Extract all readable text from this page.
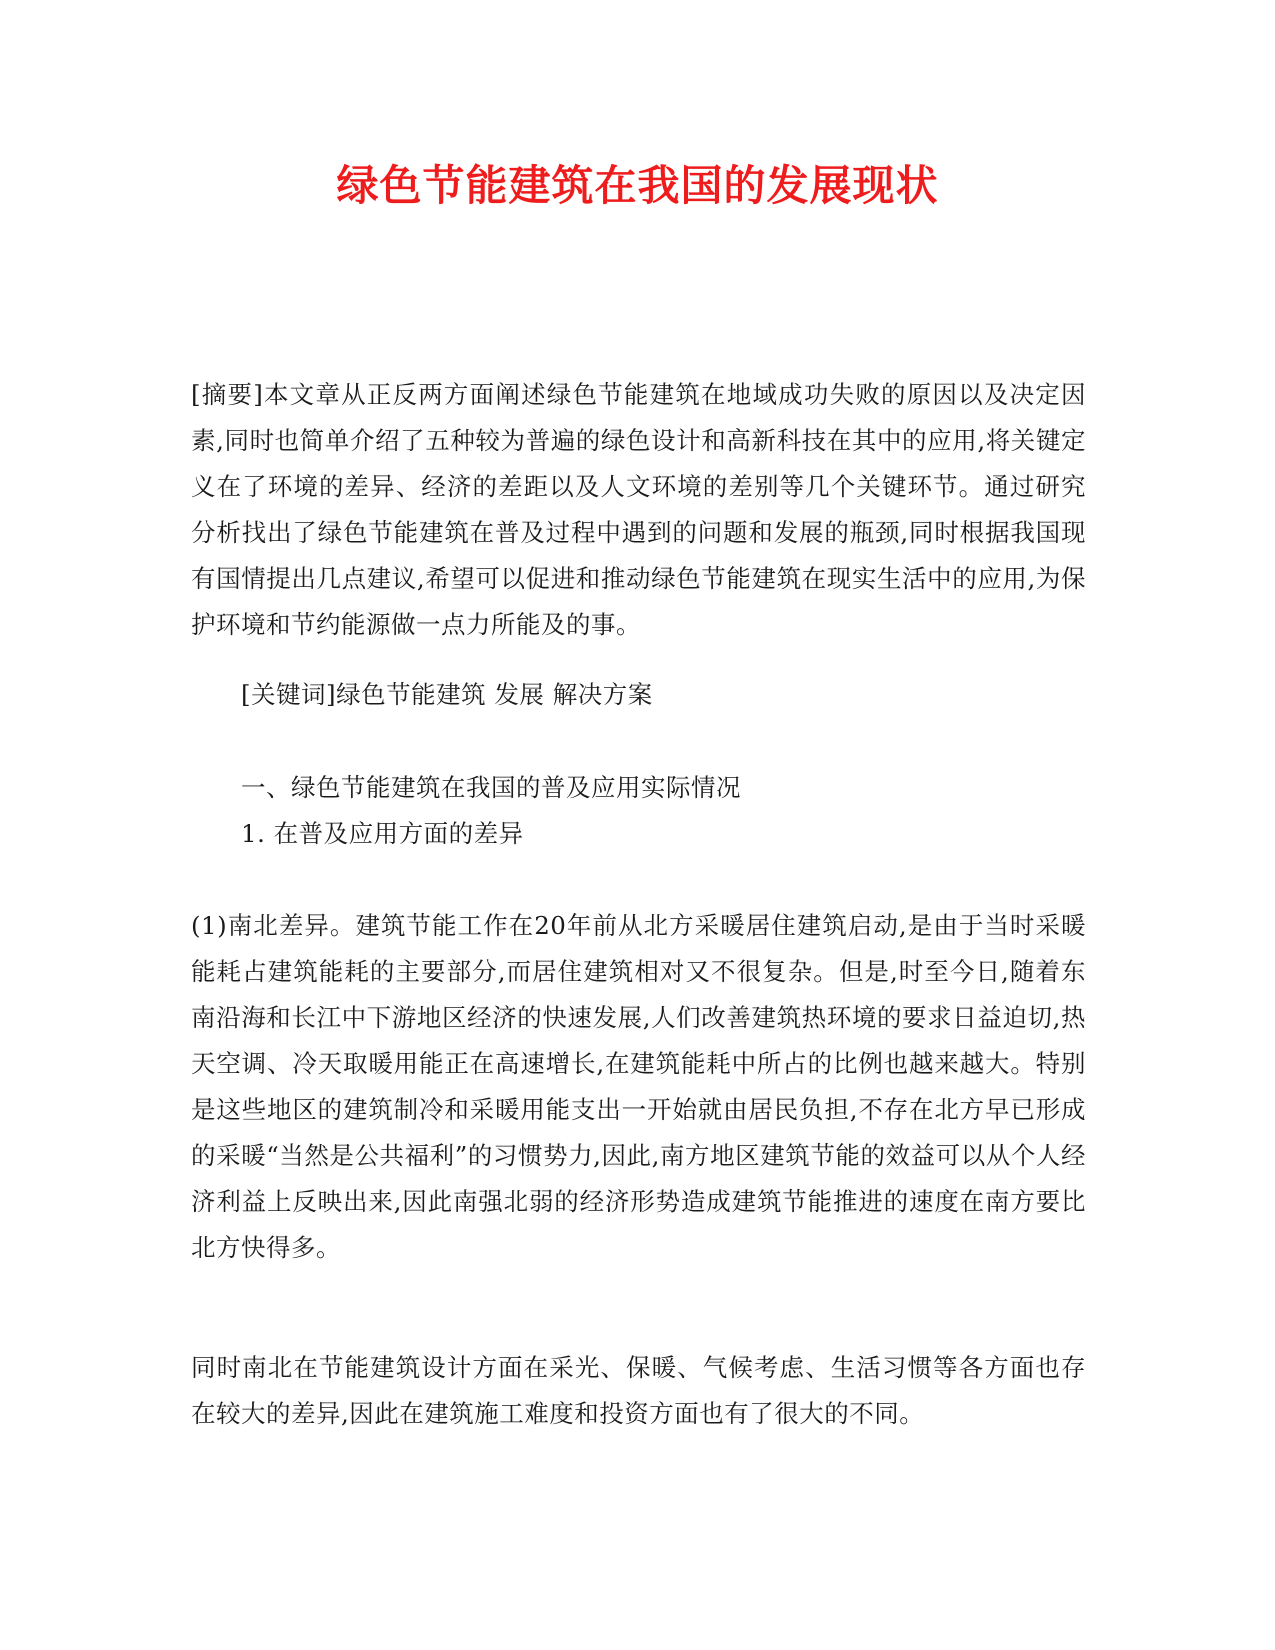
绿色节能建筑在我国的发展现状

[摘要]本文章从正反两方面阐述绿色节能建筑在地域成功失败的原因以及决定因素,同时也简单介绍了五种较为普遍的绿色设计和高新科技在其中的应用,将关键定义在了环境的差异、经济的差距以及人文环境的差别等几个关键环节。通过研究分析找出了绿色节能建筑在普及过程中遇到的问题和发展的瓶颈,同时根据我国现有国情提出几点建议,希望可以促进和推动绿色节能建筑在现实生活中的应用,为保护环境和节约能源做一点力所能及的事。

[关键词]绿色节能建筑 发展 解决方案

一、绿色节能建筑在我国的普及应用实际情况

1. 在普及应用方面的差异

(1)南北差异。建筑节能工作在20年前从北方采暖居住建筑启动,是由于当时采暖能耗占建筑能耗的主要部分,而居住建筑相对又不很复杂。但是,时至今日,随着东南沿海和长江中下游地区经济的快速发展,人们改善建筑热环境的要求日益迫切,热天空调、冷天取暖用能正在高速增长,在建筑能耗中所占的比例也越来越大。特别是这些地区的建筑制冷和采暖用能支出一开始就由居民负担,不存在北方早已形成的采暖“当然是公共福利”的习惯势力,因此,南方地区建筑节能的效益可以从个人经济利益上反映出来,因此南强北弱的经济形势造成建筑节能推进的速度在南方要比北方快得多。

同时南北在节能建筑设计方面在采光、保暖、气候考虑、生活习惯等各方面也存在较大的差异,因此在建筑施工难度和投资方面也有了很大的不同。
